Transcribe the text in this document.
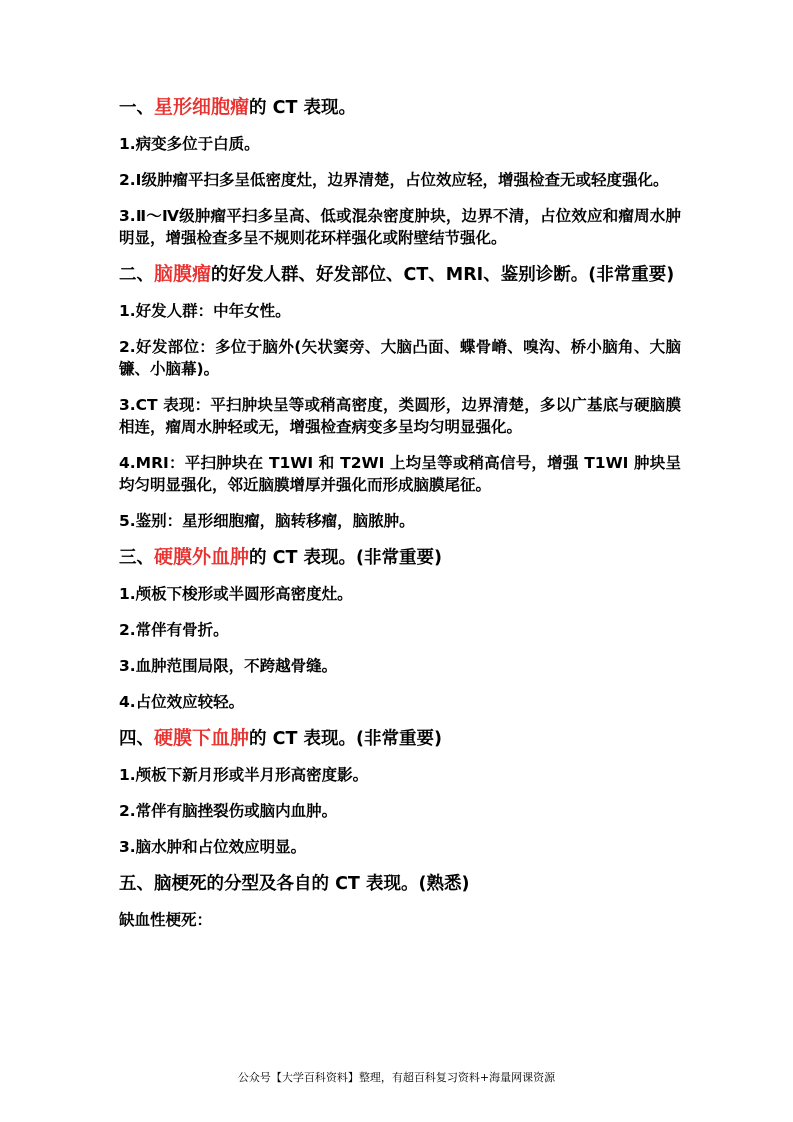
一、星形细胞瘤的 CT 表现。
1.病变多位于白质。
2.Ⅰ级肿瘤平扫多呈低密度灶，边界清楚，占位效应轻，增强检查无或轻度强化。
3.Ⅱ～Ⅳ级肿瘤平扫多呈高、低或混杂密度肿块，边界不清，占位效应和瘤周水肿明显，增强检查多呈不规则花环样强化或附壁结节强化。
二、脑膜瘤的好发人群、好发部位、CT、MRI、鉴别诊断。(非常重要)
1.好发人群：中年女性。
2.好发部位：多位于脑外(矢状窦旁、大脑凸面、蝶骨嵴、嗅沟、桥小脑角、大脑镰、小脑幕)。
3.CT 表现：平扫肿块呈等或稍高密度，类圆形，边界清楚，多以广基底与硬脑膜相连，瘤周水肿轻或无，增强检查病变多呈均匀明显强化。
4.MRI：平扫肿块在 T1WI 和 T2WI 上均呈等或稍高信号，增强 T1WI 肿块呈均匀明显强化，邻近脑膜增厚并强化而形成脑膜尾征。
5.鉴别：星形细胞瘤，脑转移瘤，脑脓肿。
三、硬膜外血肿的 CT 表现。(非常重要)
1.颅板下梭形或半圆形高密度灶。
2.常伴有骨折。
3.血肿范围局限，不跨越骨缝。
4.占位效应较轻。
四、硬膜下血肿的 CT 表现。(非常重要)
1.颅板下新月形或半月形高密度影。
2.常伴有脑挫裂伤或脑内血肿。
3.脑水肿和占位效应明显。
五、脑梗死的分型及各自的 CT 表现。(熟悉)
缺血性梗死：
公众号【大学百科资料】整理，有超百科复习资料+海量网课资源
